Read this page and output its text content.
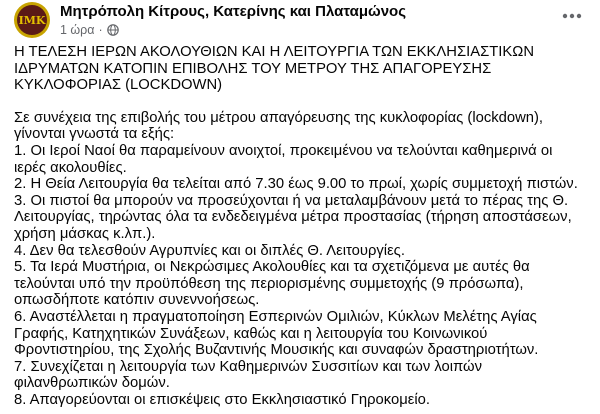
ΙΜΚ
Μητρόπολη Κίτρους, Κατερίνης και Πλαταμώνος
1 ώρα ·

Η ΤΕΛΕΣΗ ΙΕΡΩΝ ΑΚΟΛΟΥΘΙΩΝ ΚΑΙ Η ΛΕΙΤΟΥΡΓΙΑ ΤΩΝ ΕΚΚΛΗΣΙΑΣΤΙΚΩΝ ΙΔΡΥΜΑΤΩΝ ΚΑΤΟΠΙΝ ΕΠΙΒΟΛΗΣ ΤΟΥ ΜΕΤΡΟΥ ΤΗΣ ΑΠΑΓΟΡΕΥΣΗΣ ΚΥΚΛΟΦΟΡΙΑΣ (LOCKDOWN)

Σε συνέχεια της επιβολής του μέτρου απαγόρευσης της κυκλοφορίας (lockdown), γίνονται γνωστά τα εξής:

1. Οι Ιεροί Ναοί θα παραμείνουν ανοιχτοί, προκειμένου να τελούνται καθημερινά οι ιερές ακολουθίες.

2. Η Θεία Λειτουργία θα τελείται από 7.30 έως 9.00 το πρωί, χωρίς συμμετοχή πιστών.

3. Οι πιστοί θα μπορούν να προσεύχονται ή να μεταλαμβάνουν μετά το πέρας της Θ. Λειτουργίας, τηρώντας όλα τα ενδεδειγμένα μέτρα προστασίας (τήρηση αποστάσεων, χρήση μάσκας κ.λπ.).

4. Δεν θα τελεσθούν Αγρυπνίες και οι διπλές Θ. Λειτουργίες.

5. Τα Ιερά Μυστήρια, οι Νεκρώσιμες Ακολουθίες και τα σχετιζόμενα με αυτές θα τελούνται υπό την προϋπόθεση της περιορισμένης συμμετοχής (9 πρόσωπα), οπωσδήποτε κατόπιν συνεννοήσεως.

6. Αναστέλλεται η πραγματοποίηση Εσπερινών Ομιλιών, Κύκλων Μελέτης Αγίας Γραφής, Κατηχητικών Συνάξεων, καθώς και η λειτουργία του Κοινωνικού Φροντιστηρίου, της Σχολής Βυζαντινής Μουσικής και συναφών δραστηριοτήτων.

7. Συνεχίζεται η λειτουργία των Καθημερινών Συσσιτίων και των λοιπών φιλανθρωπικών δομών.

8. Απαγορεύονται οι επισκέψεις στο Εκκλησιαστικό Γηροκομείο.
